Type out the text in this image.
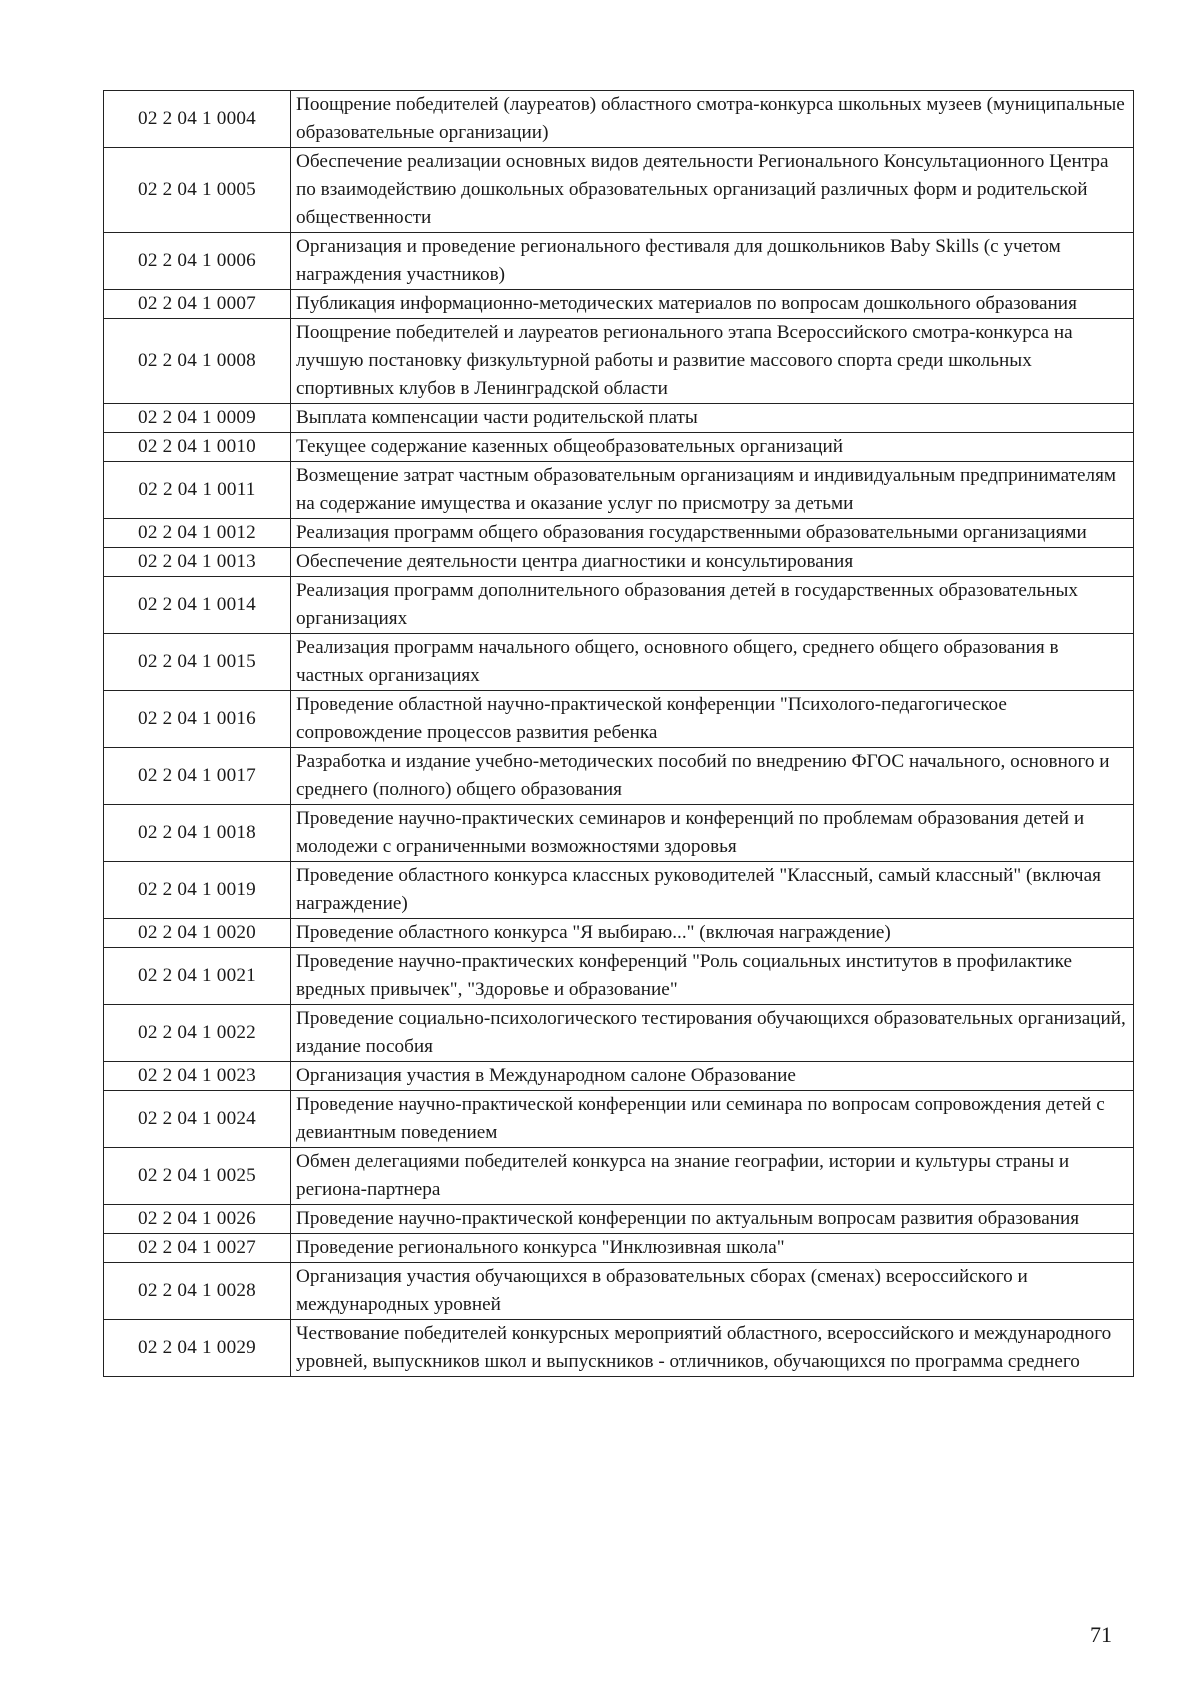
02 2 04 1 0004	Поощрение победителей (лауреатов) областного смотра-конкурса школьных музеев (муниципальные образовательные организации)
02 2 04 1 0005	Обеспечение реализации основных видов деятельности Регионального Консультационного Центра по взаимодействию дошкольных образовательных организаций различных форм и родительской общественности
02 2 04 1 0006	Организация и проведение регионального фестиваля для дошкольников Baby Skills (с учетом награждения участников)
02 2 04 1 0007	Публикация информационно-методических материалов по вопросам дошкольного образования
02 2 04 1 0008	Поощрение победителей и лауреатов регионального этапа Всероссийского смотра-конкурса на лучшую постановку физкультурной работы и развитие массового спорта среди школьных спортивных клубов в Ленинградской области
02 2 04 1 0009	Выплата компенсации части родительской платы
02 2 04 1 0010	Текущее содержание казенных общеобразовательных организаций
02 2 04 1 0011	Возмещение затрат частным образовательным организациям и индивидуальным предпринимателям на содержание имущества и оказание услуг по присмотру за детьми
02 2 04 1 0012	Реализация программ общего образования государственными образовательными организациями
02 2 04 1 0013	Обеспечение деятельности центра диагностики и консультирования
02 2 04 1 0014	Реализация программ дополнительного образования детей в государственных образовательных организациях
02 2 04 1 0015	Реализация программ начального общего, основного общего, среднего общего образования в частных организациях
02 2 04 1 0016	Проведение областной научно-практической конференции "Психолого-педагогическое сопровождение процессов развития ребенка
02 2 04 1 0017	Разработка и издание учебно-методических пособий по внедрению ФГОС начального, основного и среднего (полного) общего образования
02 2 04 1 0018	Проведение научно-практических семинаров и конференций по проблемам образования детей и молодежи с ограниченными возможностями здоровья
02 2 04 1 0019	Проведение областного конкурса классных руководителей "Классный, самый классный" (включая награждение)
02 2 04 1 0020	Проведение областного конкурса "Я выбираю..." (включая награждение)
02 2 04 1 0021	Проведение научно-практических конференций "Роль социальных институтов в профилактике вредных привычек", "Здоровье и образование"
02 2 04 1 0022	Проведение социально-психологического тестирования обучающихся образовательных организаций, издание пособия
02 2 04 1 0023	Организация участия в Международном салоне Образование
02 2 04 1 0024	Проведение научно-практической конференции или семинара по вопросам сопровождения детей с девиантным поведением
02 2 04 1 0025	Обмен делегациями победителей конкурса на знание географии, истории и культуры страны и региона-партнера
02 2 04 1 0026	Проведение научно-практической конференции по актуальным вопросам развития образования
02 2 04 1 0027	Проведение регионального конкурса "Инклюзивная школа"
02 2 04 1 0028	Организация участия обучающихся в образовательных сборах (сменах) всероссийского и международных уровней
02 2 04 1 0029	Чествование победителей конкурсных мероприятий областного, всероссийского и международного уровней, выпускников школ и выпускников - отличников, обучающихся по программа среднего
71
